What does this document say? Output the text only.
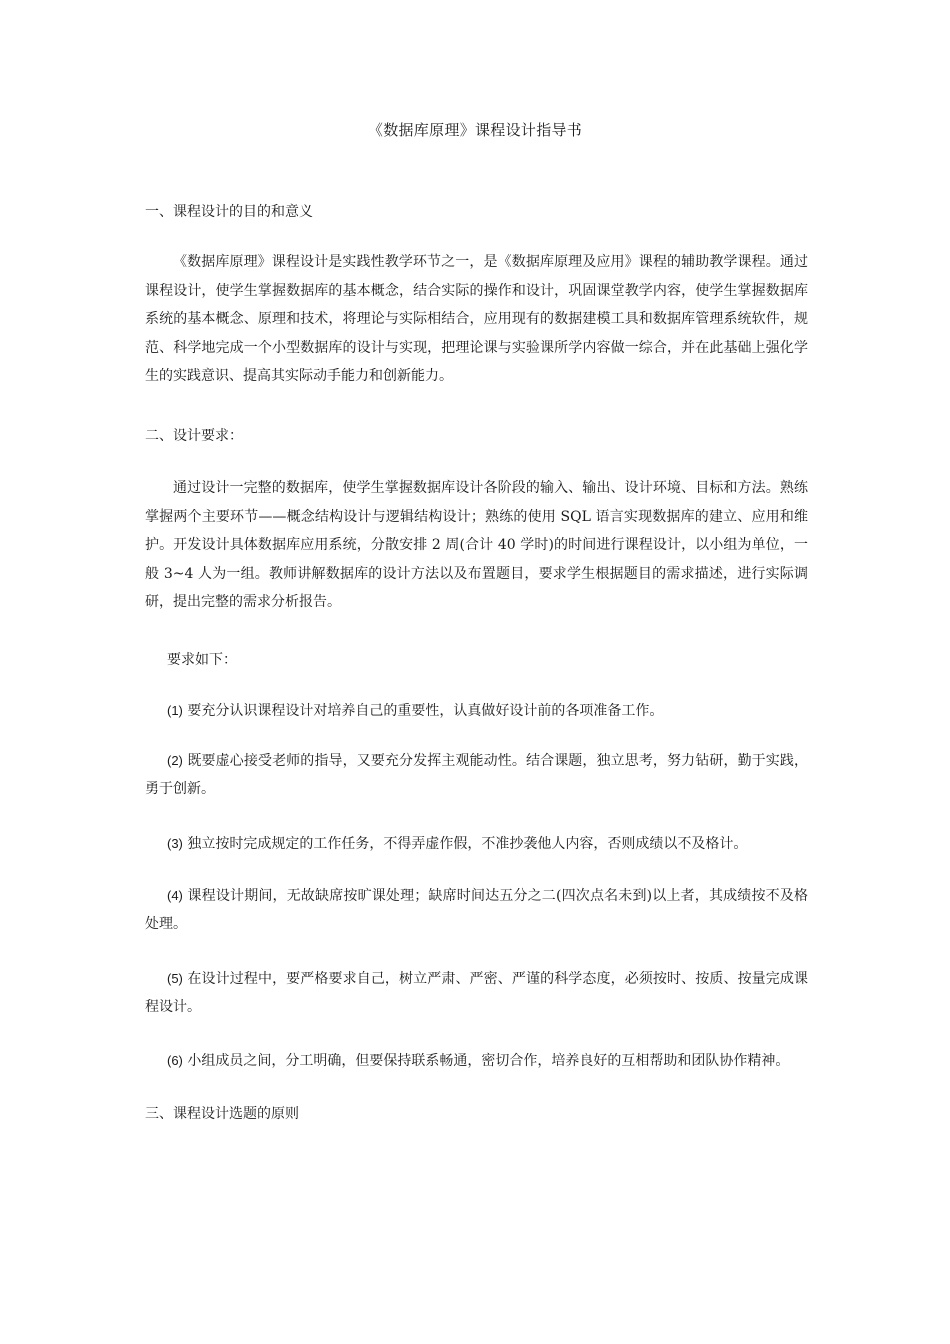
《数据库原理》课程设计指导书
一、课程设计的目的和意义

《数据库原理》课程设计是实践性教学环节之一，是《数据库原理及应用》课程的辅助教学课程。通过课程设计，使学生掌握数据库的基本概念，结合实际的操作和设计，巩固课堂教学内容，使学生掌握数据库系统的基本概念、原理和技术，将理论与实际相结合，应用现有的数据建模工具和数据库管理系统软件，规范、科学地完成一个小型数据库的设计与实现，把理论课与实验课所学内容做一综合，并在此基础上强化学生的实践意识、提高其实际动手能力和创新能力。

二、设计要求：

通过设计一完整的数据库，使学生掌握数据库设计各阶段的输入、输出、设计环境、目标和方法。熟练掌握两个主要环节——概念结构设计与逻辑结构设计；熟练的使用 SQL 语言实现数据库的建立、应用和维护。开发设计具体数据库应用系统，分散安排 2 周(合计 40 学时)的时间进行课程设计，以小组为单位，一般 3~4 人为一组。教师讲解数据库的设计方法以及布置题目，要求学生根据题目的需求描述，进行实际调研，提出完整的需求分析报告。

要求如下：

(1) 要充分认识课程设计对培养自己的重要性，认真做好设计前的各项准备工作。

(2) 既要虚心接受老师的指导，又要充分发挥主观能动性。结合课题，独立思考，努力钻研，勤于实践，勇于创新。

(3) 独立按时完成规定的工作任务，不得弄虚作假，不准抄袭他人内容，否则成绩以不及格计。

(4) 课程设计期间，无故缺席按旷课处理；缺席时间达五分之二(四次点名未到)以上者，其成绩按不及格处理。

(5) 在设计过程中，要严格要求自己，树立严肃、严密、严谨的科学态度，必须按时、按质、按量完成课程设计。

(6) 小组成员之间，分工明确，但要保持联系畅通，密切合作，培养良好的互相帮助和团队协作精神。

三、课程设计选题的原则
